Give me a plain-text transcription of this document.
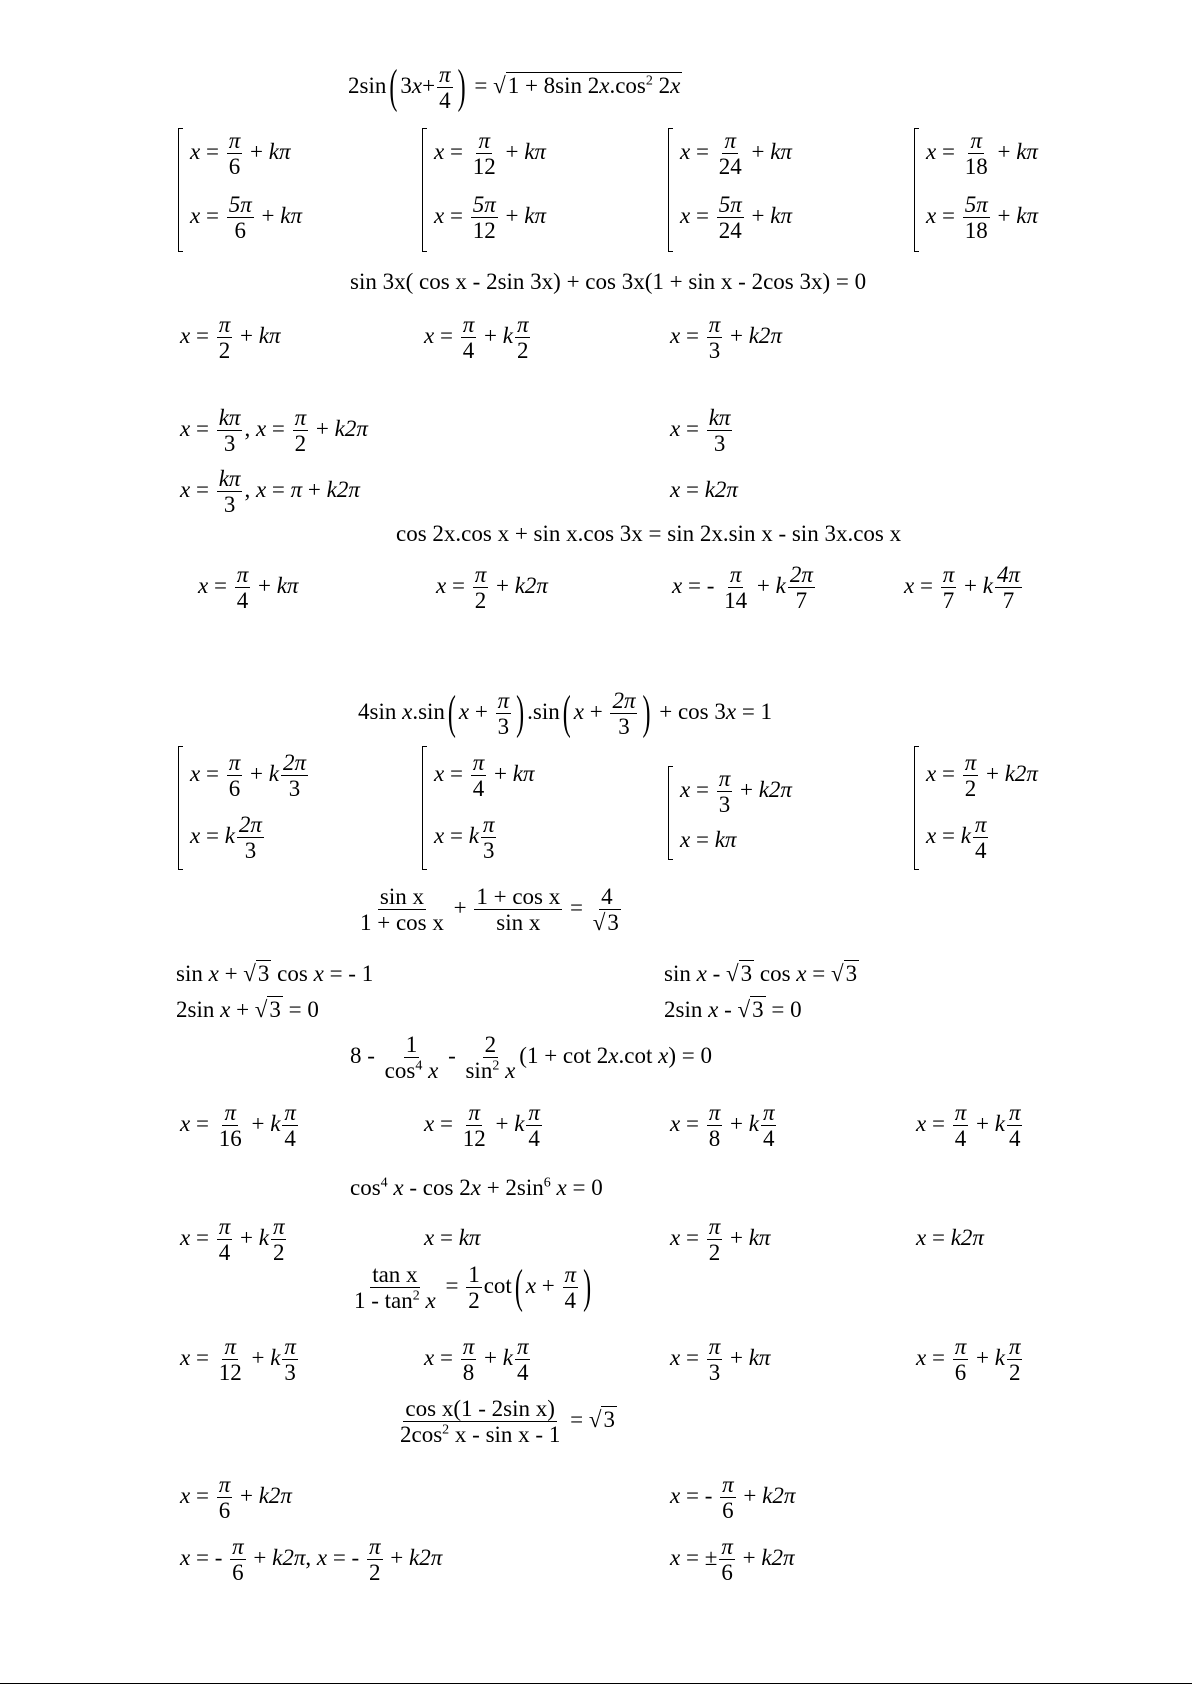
2sin ( $3x+ \frac{\pi}{4}$ ) = √1 + 8sin $2x.\cos^2$ 2x
$x = \frac{\pi}{6} + k\pi$
$x = \frac{5\pi}{6} + k\pi$
$x = \frac{\pi}{12} + k\pi$
$x = \frac{5\pi}{12} + k\pi$
$x = \frac{\pi}{24} + k\pi$
$x = \frac{5\pi}{24} + k\pi$
$x = \frac{\pi}{18} + k\pi$
$x = \frac{5\pi}{18} + k\pi$
sin 3x( cos x - 2sin 3x) + cos 3x(1 + sin x - 2cos 3x) = 0
$x = \frac{\pi}{2} + k\pi$	$x = \frac{\pi}{4} + k \frac{\pi}{2}$	$x = \frac{\pi}{3} + k2\pi$
$x = \frac{k\pi}{3}$ , $x = \frac{\pi}{2} + k2\pi$	$x = \frac{k\pi}{3}$
$x = \frac{k\pi}{3}$ , x = π + k2π	x = k2π
cos 2x.cos x + sin x.cos 3x = sin 2x.sin x - sin 3x.cos x
$x = \frac{\pi}{4} + k\pi$	$x = \frac{\pi}{2} + k2\pi$	x = - $\frac{\pi}{14} + k \frac{2\pi}{7}$	$x = \frac{\pi}{7} + k \frac{4\pi}{7}$
4sin x.sin ( $x + \frac{\pi}{3}$ ) .sin ( $x + \frac{2\pi}{3}$ ) + cos 3x = 1
$x = \frac{\pi}{6} + k \frac{2\pi}{3}$
x = k $\frac{2\pi}{3}$
$x = \frac{\pi}{4} + k\pi$
x = k $\frac{\pi}{3}$
$x = \frac{\pi}{3} + k2\pi$
x = kπ
$x = \frac{\pi}{2} + k2\pi$
x = k $\frac{\pi}{4}$
$\frac{\text{sin x}}{\text{1 + cos x}} + \frac{\text{1 + cos x}}{\text{sin x}} = \frac{4}{√3}$
sin x + √3 cos x = - 1	sin x - √3 cos x = √3
2sin x + √3 = 0	2sin x - √3 = 0
$8 - \frac{1}{\cos^4 x} - \frac{2}{\sin^2 x} (1 + \cot 2x.\cot$ x) = 0
$x = \frac{\pi}{16} + k \frac{\pi}{4}$	$x = \frac{\pi}{12} + k \frac{\pi}{4}$	$x = \frac{\pi}{8} + k \frac{\pi}{4}$	$x = \frac{\pi}{4} + k \frac{\pi}{4}$
$\cos^4 x - \cos 2x + 2\sin^6$ x = 0
$x = \frac{\pi}{4} + k \frac{\pi}{2}$	x = kπ	$x = \frac{\pi}{2} + k\pi$	x = k2π
$\frac{\text{tan x}}{1 - \tan^2 x} = \frac{1}{2}$ cot ( $x + \frac{\pi}{4}$ )
$x = \frac{\pi}{12} + k \frac{\pi}{3}$	$x = \frac{\pi}{8} + k \frac{\pi}{4}$	$x = \frac{\pi}{3} + k\pi$	$x = \frac{\pi}{6} + k \frac{\pi}{2}$
$\frac{\text{cos x(1 - 2sin x)}}{2\cos^2 x - \sin x - 1} = √3$
$x = \frac{\pi}{6} + k2\pi$	x = - $\frac{\pi}{6} + k2\pi$
x = - $\frac{\pi}{6} + k2\pi$, x = - $\frac{\pi}{2} + k2\pi$	x = ± $\frac{\pi}{6} + k2\pi$
